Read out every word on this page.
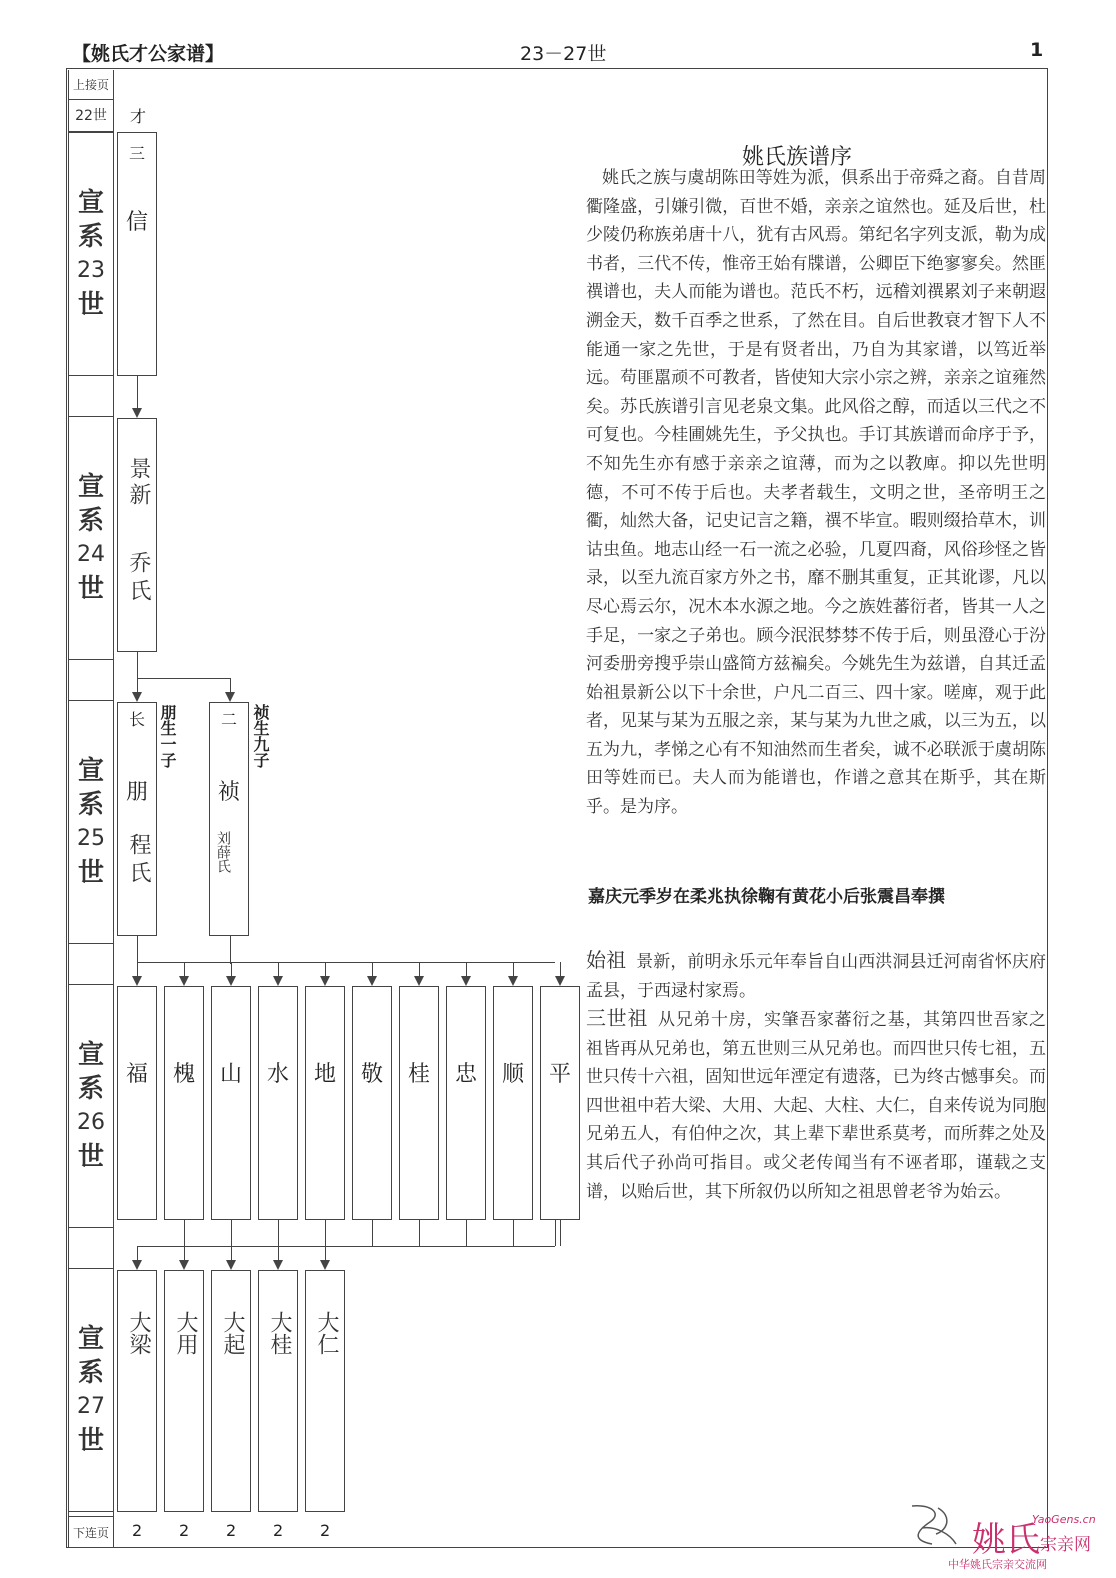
【姚氏才公家谱】	23－27世	1
上接页
22世
宣
系
23
世
宣
系
24
世
宣
系
25
世
宣
系
26
世
宣
系
27
世
下连页
才
三
信
景新
乔氏
长
朋
程氏
朋生一子	二
祯
刘薛氏
祯生九子
福 槐 山 水 地 敬 桂 忠 顺 平
大梁 大用 大起 大桂 大仁
2 2 2 2 2
姚氏族谱序

姚氏之族与虞胡陈田等姓为派，俱系出于帝舜之裔。自昔周衢隆盛，引嫌引微，百世不婚，亲亲之谊然也。延及后世，杜少陵仍称族弟唐十八，犹有古风焉。第纪名字列支派，勒为成书者，三代不传，惟帝王始有牒谱，公卿臣下绝寥寥矣。然匪禩谱也，夫人而能为谱也。范氏不朽，远稽刘禩累刘子来朝遐溯金天，数千百季之世系，了然在目。自后世教衰才智下人不能通一家之先世，于是有贤者出，乃自为其家谱，以笃近举远。苟匪嚚顽不可教者，皆使知大宗小宗之辨，亲亲之谊雍然矣。苏氏族谱引言见老泉文集。此风俗之醇，而适以三代之不可复也。今桂圃姚先生，予父执也。手订其族谱而命序于予，不知先生亦有感于亲亲之谊薄，而为之以教庳。抑以先世明德，不可不传于后也。夫孝者载生，文明之世，圣帝明王之衢，灿然大备，记史记言之籍，禩不毕宣。暇则缀拾草木，训诂虫鱼。地志山经一石一流之必验，几夏四裔，风俗珍怪之皆录，以至九流百家方外之书，靡不删其重复，正其讹谬，凡以尽心焉云尔，况木本水源之地。今之族姓蕃衍者，皆其一人之手足，一家之子弟也。顾今泯泯棼棼不传于后，则虽澄心于汾河委册旁搜乎崇山盛简方兹褊矣。今姚先生为兹谱，自其迁孟始祖景新公以下十余世，户凡二百三、四十家。嗟庳，观于此者，见某与某为五服之亲，某与某为九世之戚，以三为五，以五为九，孝悌之心有不知油然而生者矣，诚不必联派于虞胡陈田等姓而已。夫人而为能谱也，作谱之意其在斯乎，其在斯乎。是为序。

嘉庆元季岁在柔兆执徐鞠有黄花小后张震昌奉撰

始祖 景新，前明永乐元年奉旨自山西洪洞县迁河南省怀庆府孟县，于西逯村家焉。

三世祖 从兄弟十房，实肇吾家蕃衍之基，其第四世吾家之祖皆再从兄弟也，第五世则三从兄弟也。而四世只传七祖，五世只传十六祖，固知世远年湮定有遗落，已为终古憾事矣。而四世祖中若大梁、大用、大起、大柱、大仁，自来传说为同胞兄弟五人，有伯仲之次，其上辈下辈世系莫考，而所葬之处及其后代子孙尚可指目。或父老传闻当有不诬者耶，谨载之支谱，以贻后世，其下所叙仍以所知之祖思曾老爷为始云。

姚氏
YaoGens.cn
宗亲网
中华姚氏宗亲交流网
